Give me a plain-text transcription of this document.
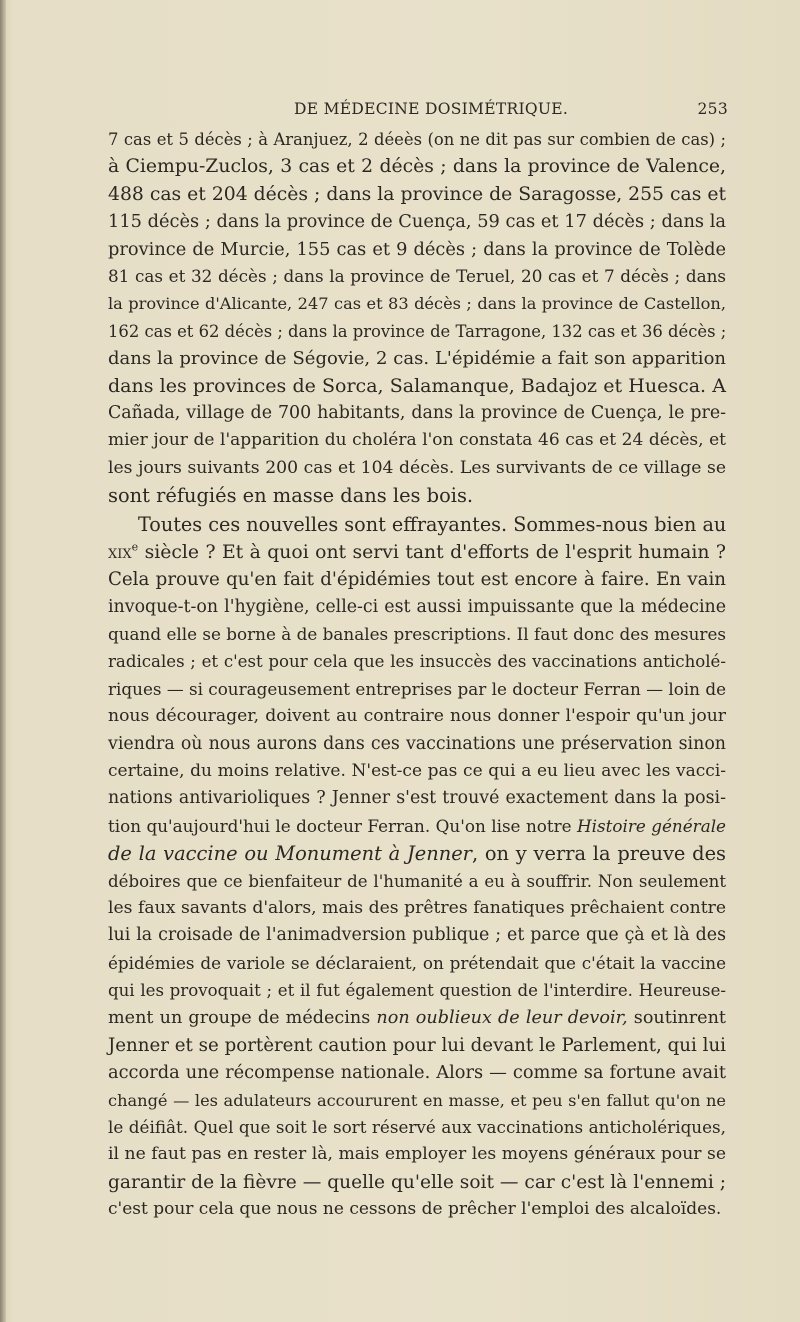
DE MÉDECINE DOSIMÉTRIQUE.	253
7 cas et 5 décès ; à Aranjuez, 2 déeès (on ne dit pas sur combien de cas) ;
à Ciempu-Zuclos, 3 cas et 2 décès ; dans la province de Valence,
488 cas et 204 décès ; dans la province de Saragosse, 255 cas et
115 décès ; dans la province de Cuença, 59 cas et 17 décès ; dans la
province de Murcie, 155 cas et 9 décès ; dans la province de Tolède
81 cas et 32 décès ; dans la province de Teruel, 20 cas et 7 décès ; dans
la province d'Alicante, 247 cas et 83 décès ; dans la province de Castellon,
162 cas et 62 décès ; dans la province de Tarragone, 132 cas et 36 décès ;
dans la province de Ségovie, 2 cas. L'épidémie a fait son apparition
dans les provinces de Sorca, Salamanque, Badajoz et Huesca. A
Cañada, village de 700 habitants, dans la province de Cuença, le pre-
mier jour de l'apparition du choléra l'on constata 46 cas et 24 décès, et
les jours suivants 200 cas et 104 décès. Les survivants de ce village se
sont réfugiés en masse dans les bois.
Toutes ces nouvelles sont effrayantes. Sommes-nous bien au
xix$^e$ siècle ? Et à quoi ont servi tant d'efforts de l'esprit humain ?
Cela prouve qu'en fait d'épidémies tout est encore à faire. En vain
invoque-t-on l'hygiène, celle-ci est aussi impuissante que la médecine
quand elle se borne à de banales prescriptions. Il faut donc des mesures
radicales ; et c'est pour cela que les insuccès des vaccinations anticholé-
riques — si courageusement entreprises par le docteur Ferran — loin de
nous décourager, doivent au contraire nous donner l'espoir qu'un jour
viendra où nous aurons dans ces vaccinations une préservation sinon
certaine, du moins relative. N'est-ce pas ce qui a eu lieu avec les vacci-
nations antivarioliques ? Jenner s'est trouvé exactement dans la posi-
tion qu'aujourd'hui le docteur Ferran. Qu'on lise notre Histoire générale
de la vaccine ou Monument à Jenner, on y verra la preuve des
déboires que ce bienfaiteur de l'humanité a eu à souffrir. Non seulement
les faux savants d'alors, mais des prêtres fanatiques prêchaient contre
lui la croisade de l'animadversion publique ; et parce que çà et là des
épidémies de variole se déclaraient, on prétendait que c'était la vaccine
qui les provoquait ; et il fut également question de l'interdire. Heureuse-
ment un groupe de médecins non oublieux de leur devoir, soutinrent
Jenner et se portèrent caution pour lui devant le Parlement, qui lui
accorda une récompense nationale. Alors — comme sa fortune avait
changé — les adulateurs accoururent en masse, et peu s'en fallut qu'on ne
le déifiât. Quel que soit le sort réservé aux vaccinations anticholériques,
il ne faut pas en rester là, mais employer les moyens généraux pour se
garantir de la fièvre — quelle qu'elle soit — car c'est là l'ennemi ;
c'est pour cela que nous ne cessons de prêcher l'emploi des alcaloïdes.
